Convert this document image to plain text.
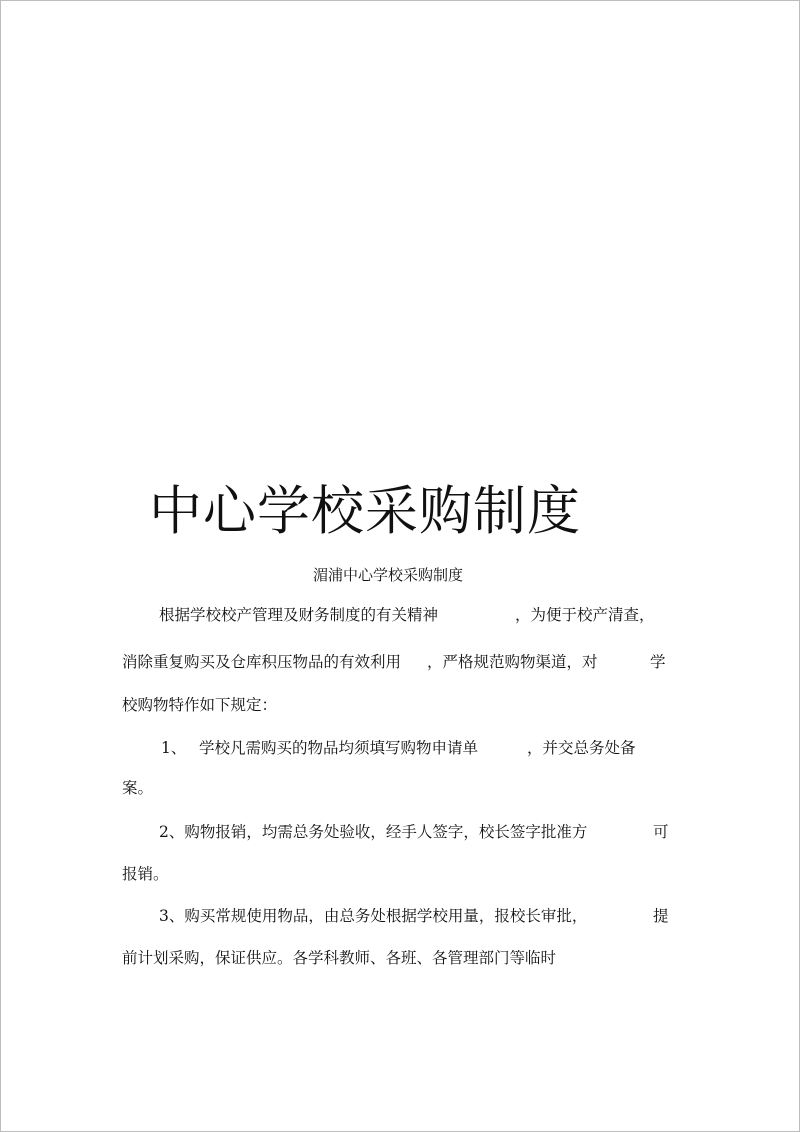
中心学校采购制度
湄浦中心学校采购制度
根据学校校产管理及财务制度的有关精神	，为便于校产清查，
消除重复购买及仓库积压物品的有效利用 ，严格规范购物渠道，对	学
校购物特作如下规定：
1、 学校凡需购买的物品均须填写购物申请单	，并交总务处备
案。
2、购物报销，均需总务处验收，经手人签字，校长签字批准方	可
报销。
3、购买常规使用物品，由总务处根据学校用量，报校长审批，	提
前计划采购，保证供应。各学科教师、各班、各管理部门等临时
